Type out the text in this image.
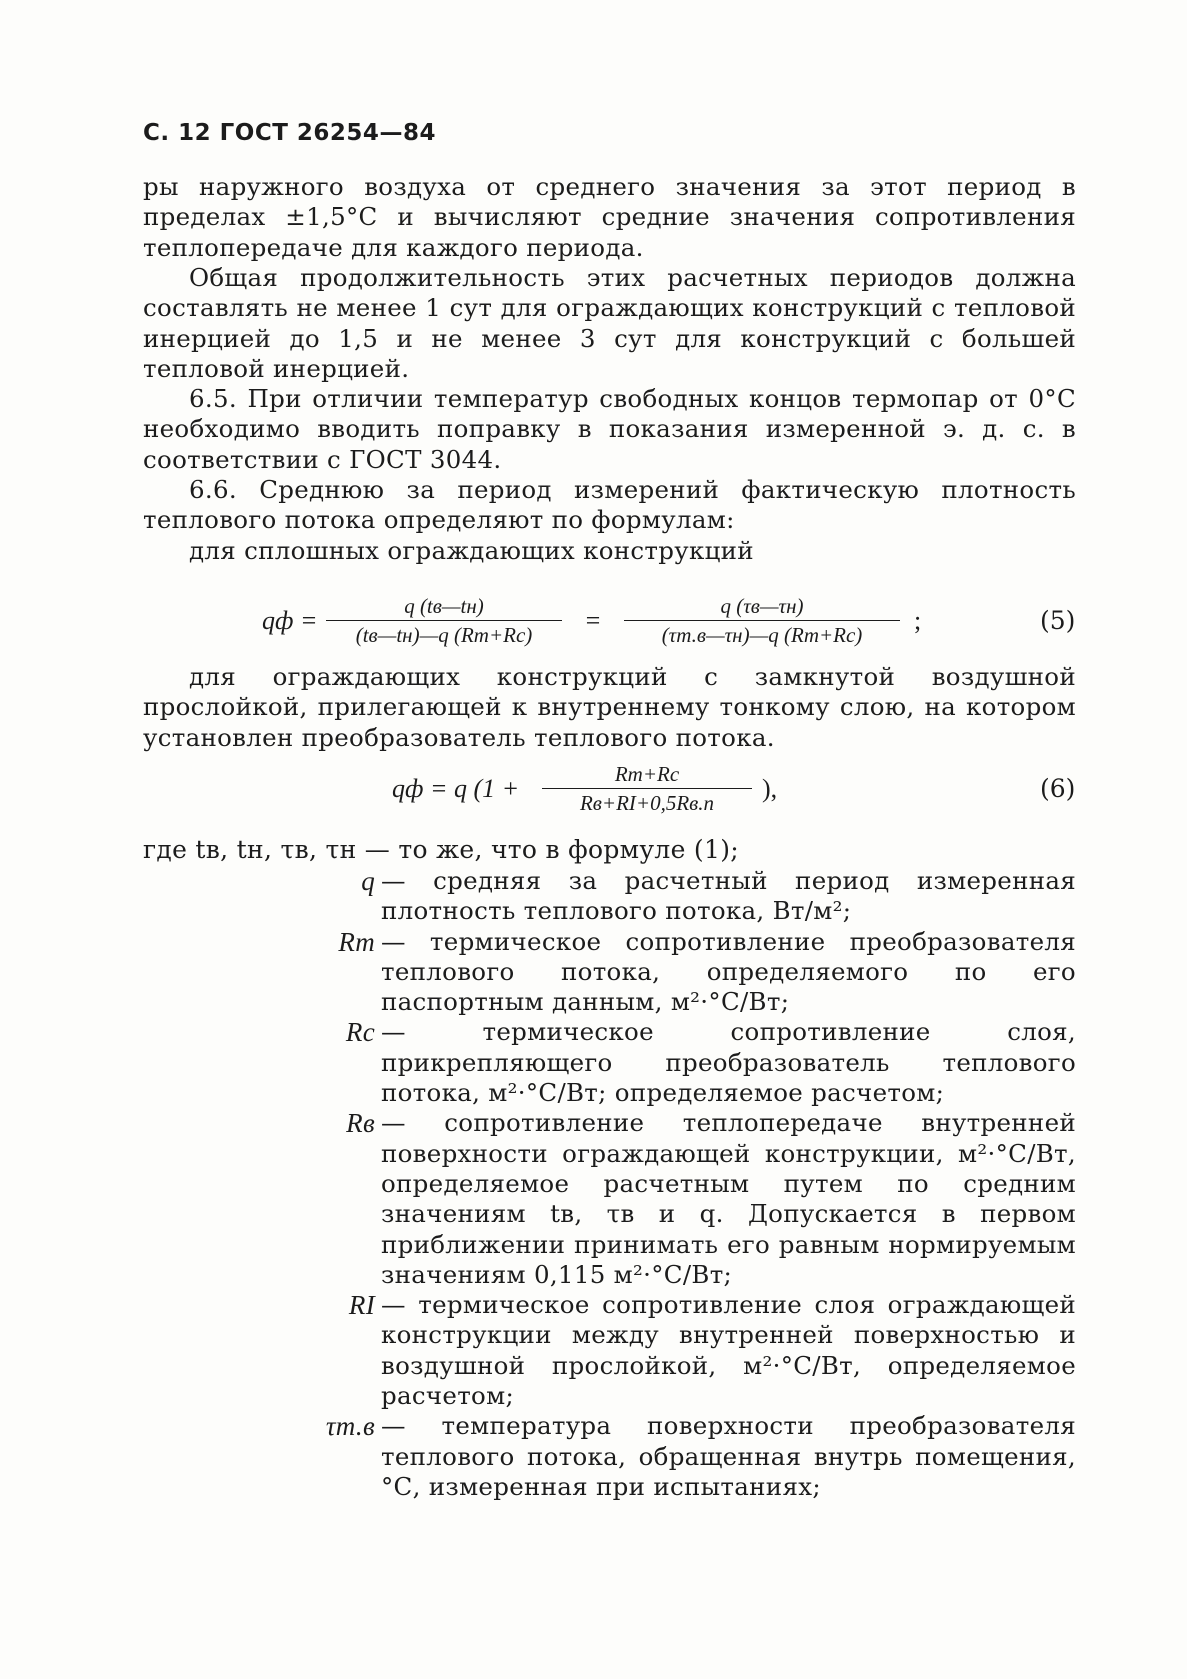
С. 12 ГОСТ 26254—84
ры наружного воздуха от среднего значения за этот период в пределах ±1,5°С и вычисляют средние значения сопротивления теплопередаче для каждого периода.
Общая продолжительность этих расчетных периодов должна составлять не менее 1 сут для ограждающих конструкций с тепловой инерцией до 1,5 и не менее 3 сут для конструкций с большей тепловой инерцией.
6.5. При отличии температур свободных концов термопар от 0°С необходимо вводить поправку в показания измеренной э. д. с. в соответствии с ГОСТ 3044.
6.6. Среднюю за период измерений фактическую плотность теплового потока определяют по формулам:
для сплошных ограждающих конструкций
qф =	q (tв—tн)
(tв—tн)—q (Rт+Rс)	=	q (τв—τн)
(τт.в—τн)—q (Rт+Rс)	;	(5)
для ограждающих конструкций с замкнутой воздушной прослойкой, прилегающей к внутреннему тонкому слою, на котором установлен преобразователь теплового потока.
qф = q (1 +	Rт+Rс
Rв+RI+0,5Rв.п	),	(6)
где tв, tн, τв, τн — то же, что в формуле (1);
q — средняя за расчетный период измеренная плотность теплового потока, Вт/м²;
Rт — термическое сопротивление преобразователя теплового потока, определяемого по его паспортным данным, м²·°С/Вт;
Rс — термическое сопротивление слоя, прикрепляющего преобразователь теплового потока, м²·°С/Вт; определяемое расчетом;
Rв — сопротивление теплопередаче внутренней поверхности ограждающей конструкции, м²·°С/Вт, определяемое расчетным путем по средним значениям tв, τв и q. Допускается в первом приближении принимать его равным нормируемым значениям 0,115 м²·°С/Вт;
RI — термическое сопротивление слоя ограждающей конструкции между внутренней поверхностью и воздушной прослойкой, м²·°С/Вт, определяемое расчетом;
τт.в — температура поверхности преобразователя теплового потока, обращенная внутрь помещения, °С, измеренная при испытаниях;
